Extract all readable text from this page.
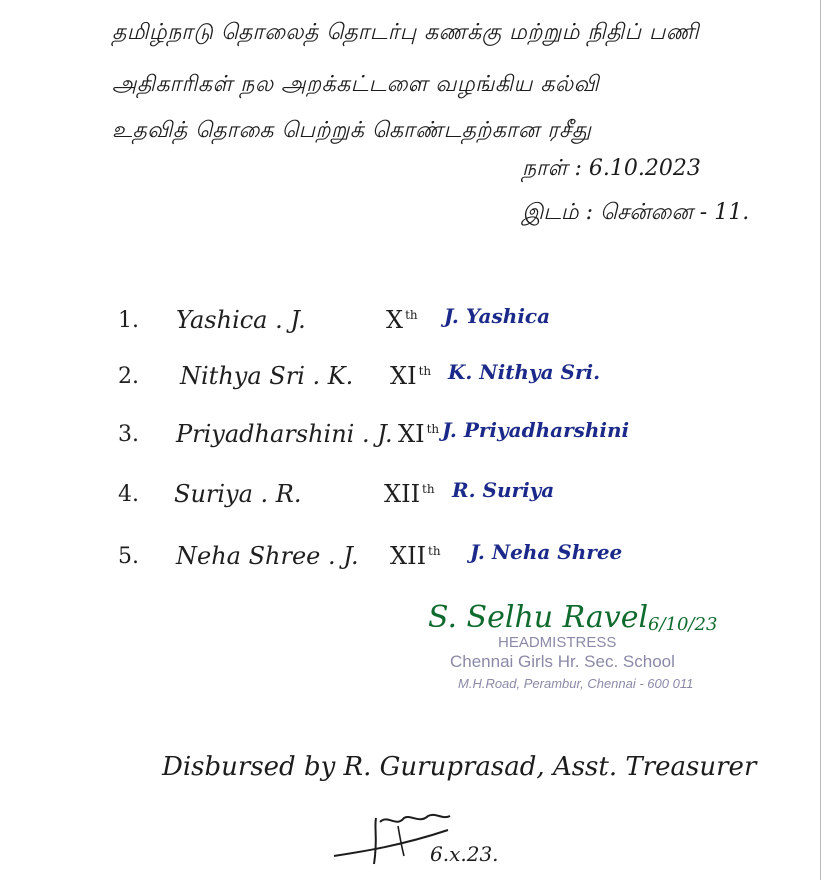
தமிழ்நாடு தொலைத் தொடர்பு கணக்கு மற்றும் நிதிப் பணி
அதிகாரிகள் நல அறக்கட்டளை வழங்கிய கல்வி
உதவித் தொகை பெற்றுக் கொண்டதற்கான ரசீது
நாள் : 6.10.2023
இடம் : சென்னை - 11.
1. Yashica . J.	X $^{th}$ J. Yashica
2. Nithya Sri . K. XI $^{th}$ K. Nithya Sri.
3. Priyadharshini . J. XI $^{th}$ J. Priyadharshini
4. Suriya . R.	XII $^{th}$ R. Suriya
5. Neha Shree . J. XII $^{th}$ J. Neha Shree
S. Selhu Ravel 6/10/23
HEADMISTRESS
Chennai Girls Hr. Sec. School
M.H.Road, Perambur, Chennai - 600 011
Disbursed by R. Guruprasad, Asst. Treasurer
6.x.23.
